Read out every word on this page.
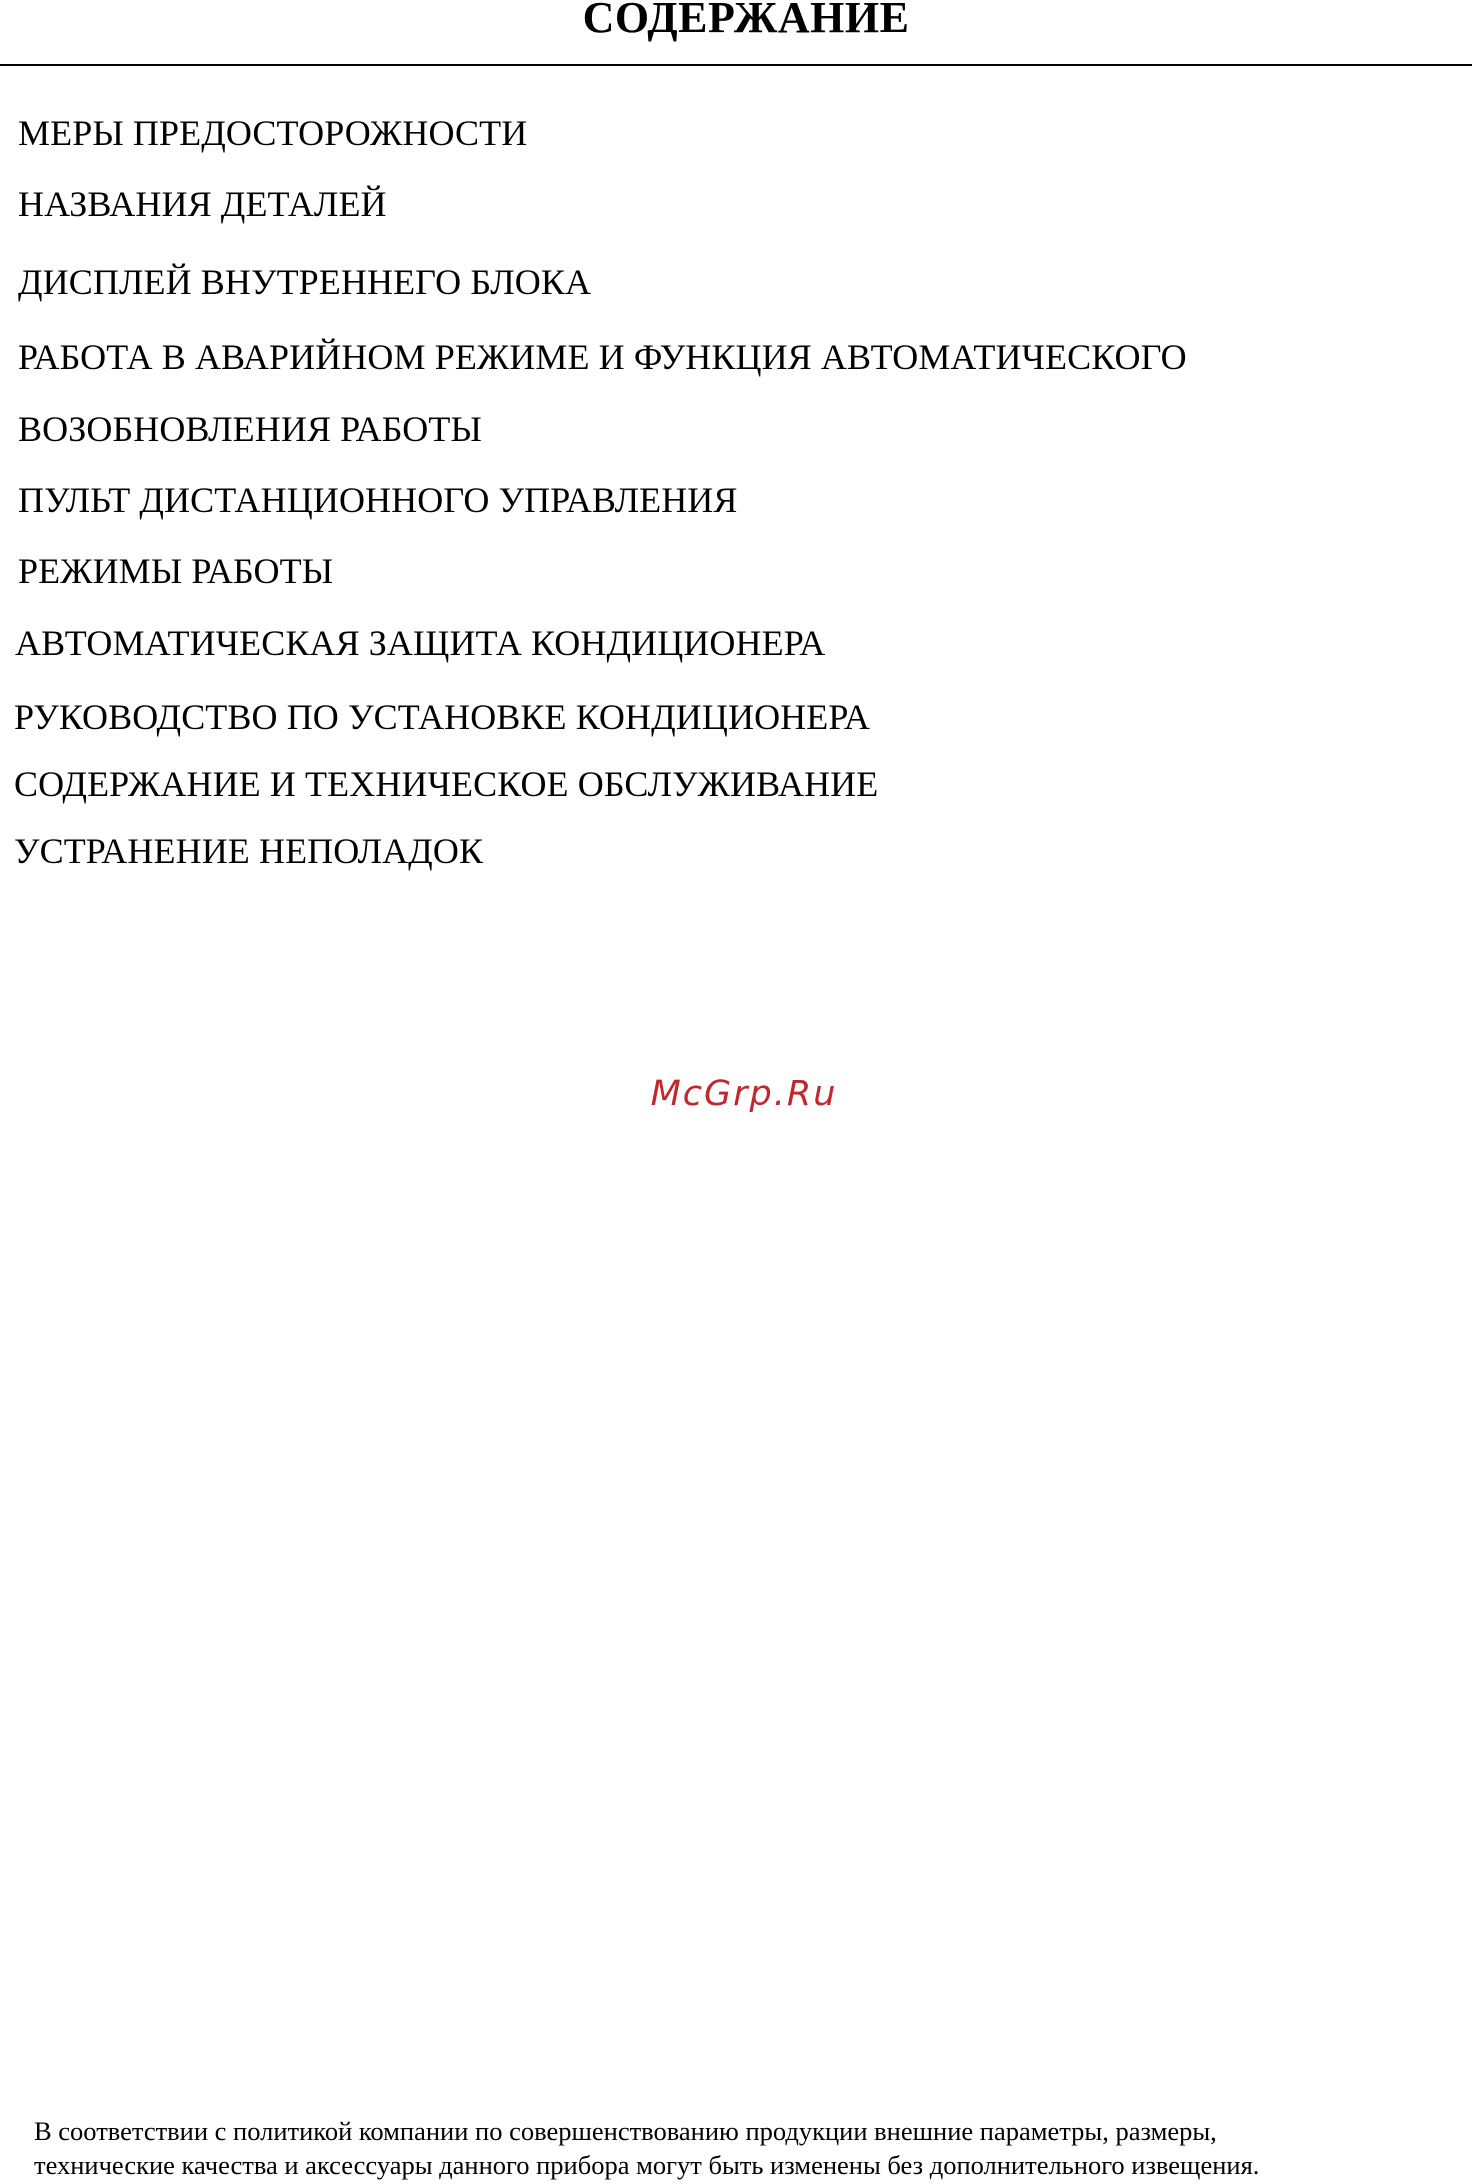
СОДЕРЖАНИЕ
МЕРЫ ПРЕДОСТОРОЖНОСТИ
НАЗВАНИЯ ДЕТАЛЕЙ
ДИСПЛЕЙ ВНУТРЕННЕГО БЛОКА
РАБОТА В АВАРИЙНОМ РЕЖИМЕ И ФУНКЦИЯ АВТОМАТИЧЕСКОГО
ВОЗОБНОВЛЕНИЯ РАБОТЫ
ПУЛЬТ ДИСТАНЦИОННОГО УПРАВЛЕНИЯ
РЕЖИМЫ РАБОТЫ
АВТОМАТИЧЕСКАЯ ЗАЩИТА КОНДИЦИОНЕРА
РУКОВОДСТВО ПО УСТАНОВКЕ КОНДИЦИОНЕРА
СОДЕРЖАНИЕ И ТЕХНИЧЕСКОЕ ОБСЛУЖИВАНИЕ
УСТРАНЕНИЕ НЕПОЛАДОК
McGrp.Ru

В соответствии с политикой компании по совершенствованию продукции внешние параметры, размеры,
технические качества и аксессуары данного прибора могут быть изменены без дополнительного извещения.
